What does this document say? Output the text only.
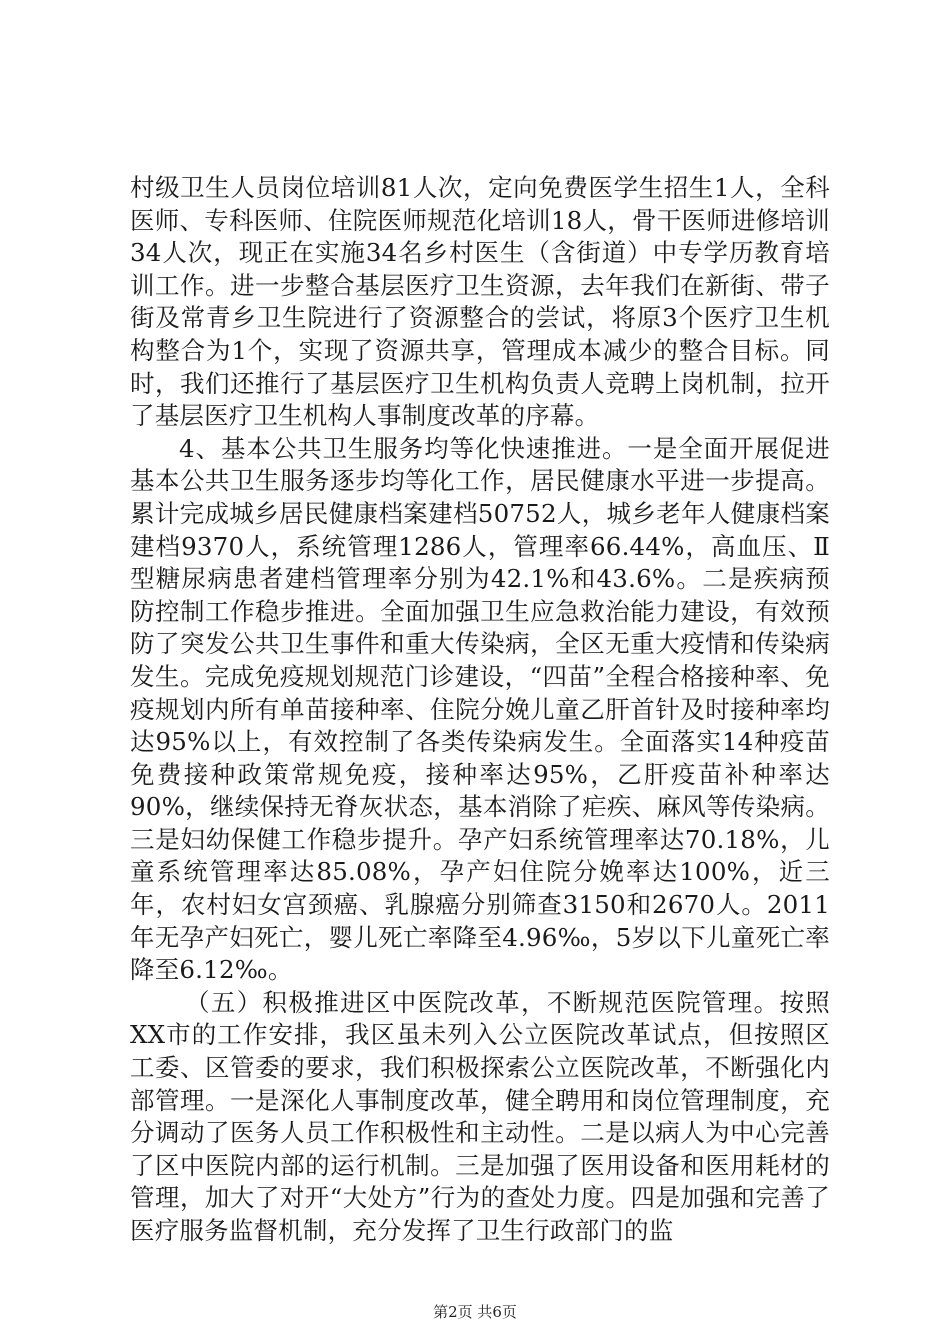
村级卫生人员岗位培训81人次，定向免费医学生招生1人，全科医师、专科医师、住院医师规范化培训18人，骨干医师进修培训34人次，现正在实施34名乡村医生（含街道）中专学历教育培训工作。进一步整合基层医疗卫生资源，去年我们在新街、带子街及常青乡卫生院进行了资源整合的尝试，将原3个医疗卫生机构整合为1个，实现了资源共享，管理成本减少的整合目标。同时，我们还推行了基层医疗卫生机构负责人竞聘上岗机制，拉开了基层医疗卫生机构人事制度改革的序幕。

4、基本公共卫生服务均等化快速推进。一是全面开展促进基本公共卫生服务逐步均等化工作，居民健康水平进一步提高。累计完成城乡居民健康档案建档50752人，城乡老年人健康档案建档9370人，系统管理1286人，管理率66.44%，高血压、Ⅱ型糖尿病患者建档管理率分别为42.1%和43.6%。二是疾病预防控制工作稳步推进。全面加强卫生应急救治能力建设，有效预防了突发公共卫生事件和重大传染病，全区无重大疫情和传染病发生。完成免疫规划规范门诊建设，“四苗”全程合格接种率、免疫规划内所有单苗接种率、住院分娩儿童乙肝首针及时接种率均达95%以上，有效控制了各类传染病发生。全面落实14种疫苗免费接种政策常规免疫，接种率达95%，乙肝疫苗补种率达90%，继续保持无脊灰状态，基本消除了疟疾、麻风等传染病。三是妇幼保健工作稳步提升。孕产妇系统管理率达70.18%，儿童系统管理率达85.08%，孕产妇住院分娩率达100%，近三年，农村妇女宫颈癌、乳腺癌分别筛查3150和2670人。2011年无孕产妇死亡，婴儿死亡率降至4.96‰，5岁以下儿童死亡率降至6.12‰。

（五）积极推进区中医院改革，不断规范医院管理。按照XX市的工作安排，我区虽未列入公立医院改革试点，但按照区工委、区管委的要求，我们积极探索公立医院改革，不断强化内部管理。一是深化人事制度改革，健全聘用和岗位管理制度，充分调动了医务人员工作积极性和主动性。二是以病人为中心完善了区中医院内部的运行机制。三是加强了医用设备和医用耗材的管理，加大了对开“大处方”行为的查处力度。四是加强和完善了医疗服务监督机制，充分发挥了卫生行政部门的监

第2页 共6页
